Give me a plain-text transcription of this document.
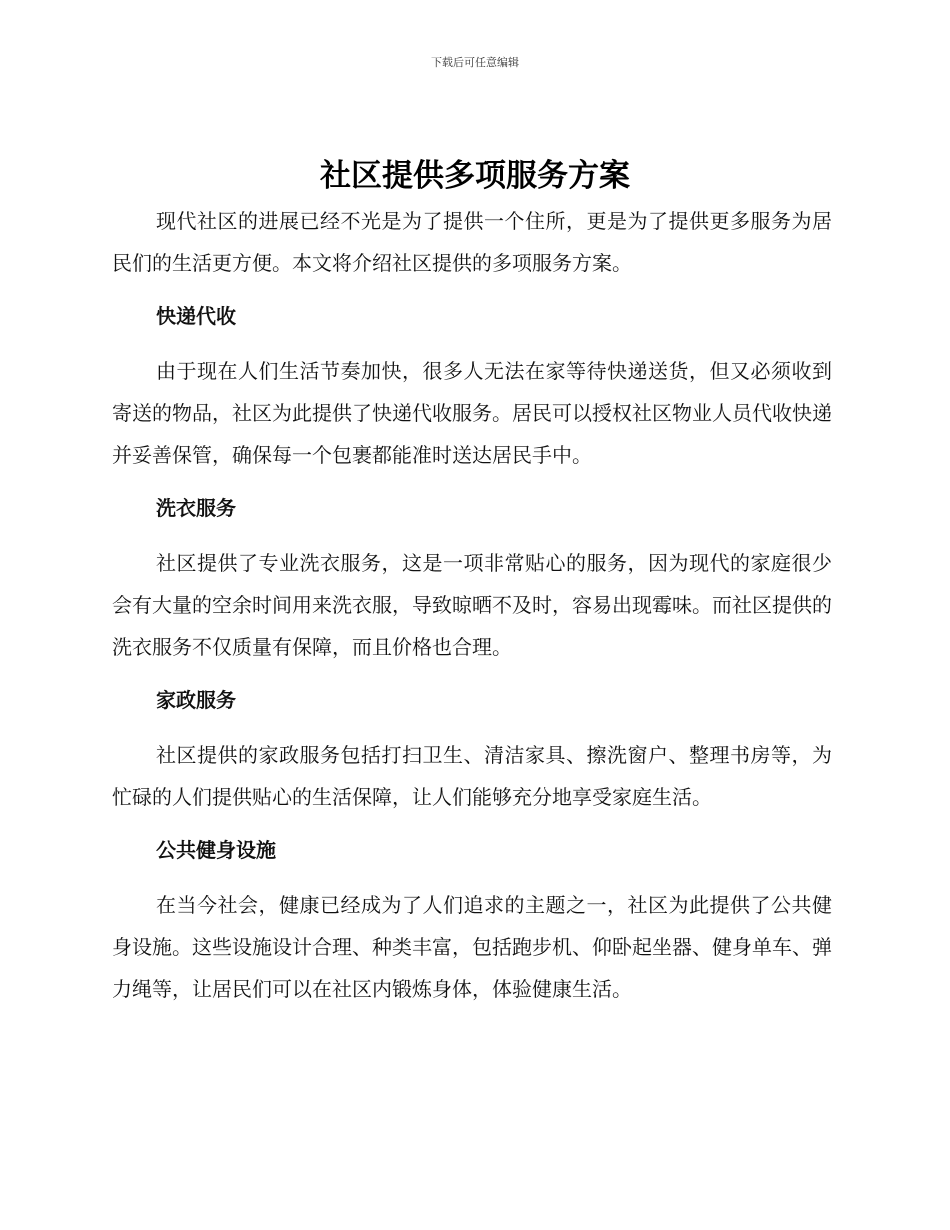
下载后可任意编辑
社区提供多项服务方案

现代社区的进展已经不光是为了提供一个住所，更是为了提供更多服务为居民们的生活更方便。本文将介绍社区提供的多项服务方案。

快递代收

由于现在人们生活节奏加快，很多人无法在家等待快递送货，但又必须收到寄送的物品，社区为此提供了快递代收服务。居民可以授权社区物业人员代收快递并妥善保管，确保每一个包裹都能准时送达居民手中。

洗衣服务

社区提供了专业洗衣服务，这是一项非常贴心的服务，因为现代的家庭很少会有大量的空余时间用来洗衣服，导致晾晒不及时，容易出现霉味。而社区提供的洗衣服务不仅质量有保障，而且价格也合理。

家政服务

社区提供的家政服务包括打扫卫生、清洁家具、擦洗窗户、整理书房等，为忙碌的人们提供贴心的生活保障，让人们能够充分地享受家庭生活。

公共健身设施

在当今社会，健康已经成为了人们追求的主题之一，社区为此提供了公共健身设施。这些设施设计合理、种类丰富，包括跑步机、仰卧起坐器、健身单车、弹力绳等，让居民们可以在社区内锻炼身体，体验健康生活。
